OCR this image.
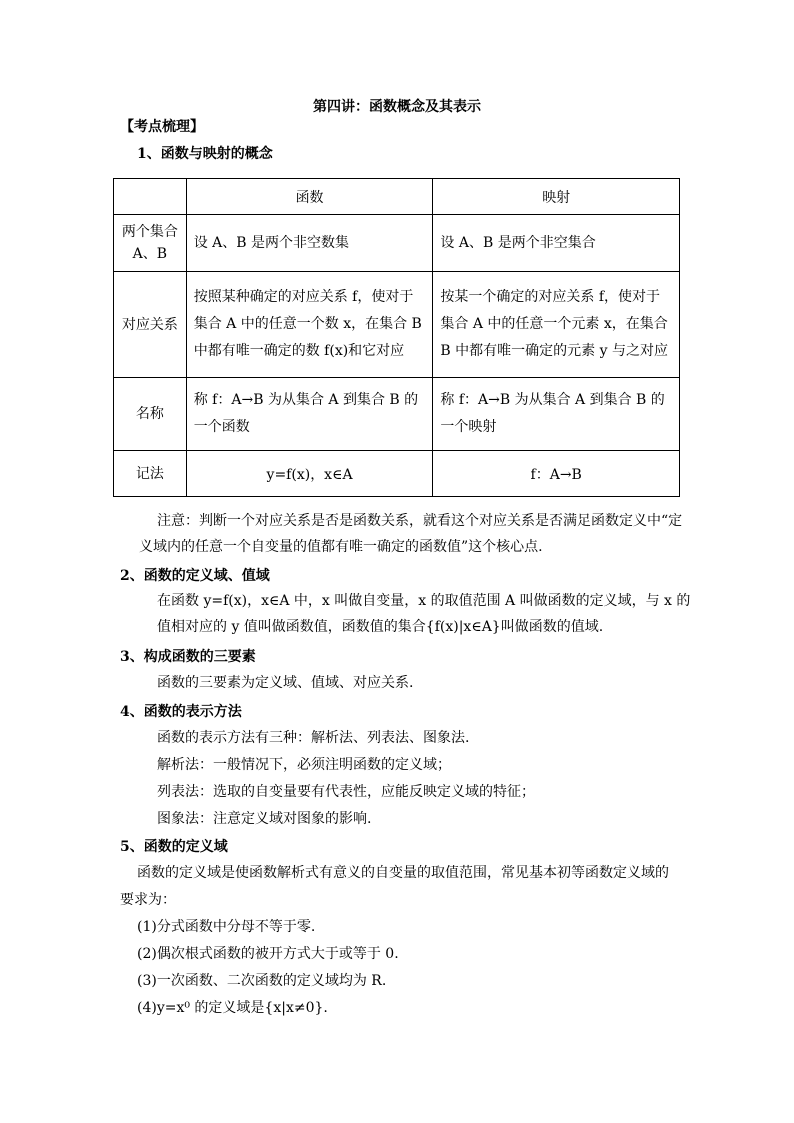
第四讲：函数概念及其表示
【考点梳理】
1、函数与映射的概念
	函数	映射

两个集合 A、B	设 A、B 是两个非空数集	设 A、B 是两个非空集合

对应关系	按照某种确定的对应关系 f，使对于集合 A 中的任意一个数 x，在集合 B 中都有唯一确定的数 f(x)和它对应	按某一个确定的对应关系 f，使对于集合 A 中的任意一个元素 x，在集合 B 中都有唯一确定的元素 y 与之对应

名称	称 f：A→B 为从集合 A 到集合 B 的一个函数	称 f：A→B 为从集合 A 到集合 B 的一个映射

记法	y=f(x)，x∈A	f：A→B
注意：判断一个对应关系是否是函数关系，就看这个对应关系是否满足函数定义中“定
义域内的任意一个自变量的值都有唯一确定的函数值”这个核心点.
2、函数的定义域、值域
在函数 y=f(x)，x∈A 中，x 叫做自变量，x 的取值范围 A 叫做函数的定义域，与 x 的
值相对应的 y 值叫做函数值，函数值的集合{f(x)|x∈A}叫做函数的值域.
3、构成函数的三要素
函数的三要素为定义域、值域、对应关系.
4、函数的表示方法
函数的表示方法有三种：解析法、列表法、图象法.
解析法：一般情况下，必须注明函数的定义域；
列表法：选取的自变量要有代表性，应能反映定义域的特征；
图象法：注意定义域对图象的影响.
5、函数的定义域
函数的定义域是使函数解析式有意义的自变量的取值范围，常见基本初等函数定义域的
要求为：
(1)分式函数中分母不等于零.
(2)偶次根式函数的被开方式大于或等于 0.
(3)一次函数、二次函数的定义域均为 R.
(4)y=x⁰ 的定义域是{x|x≠0}.
